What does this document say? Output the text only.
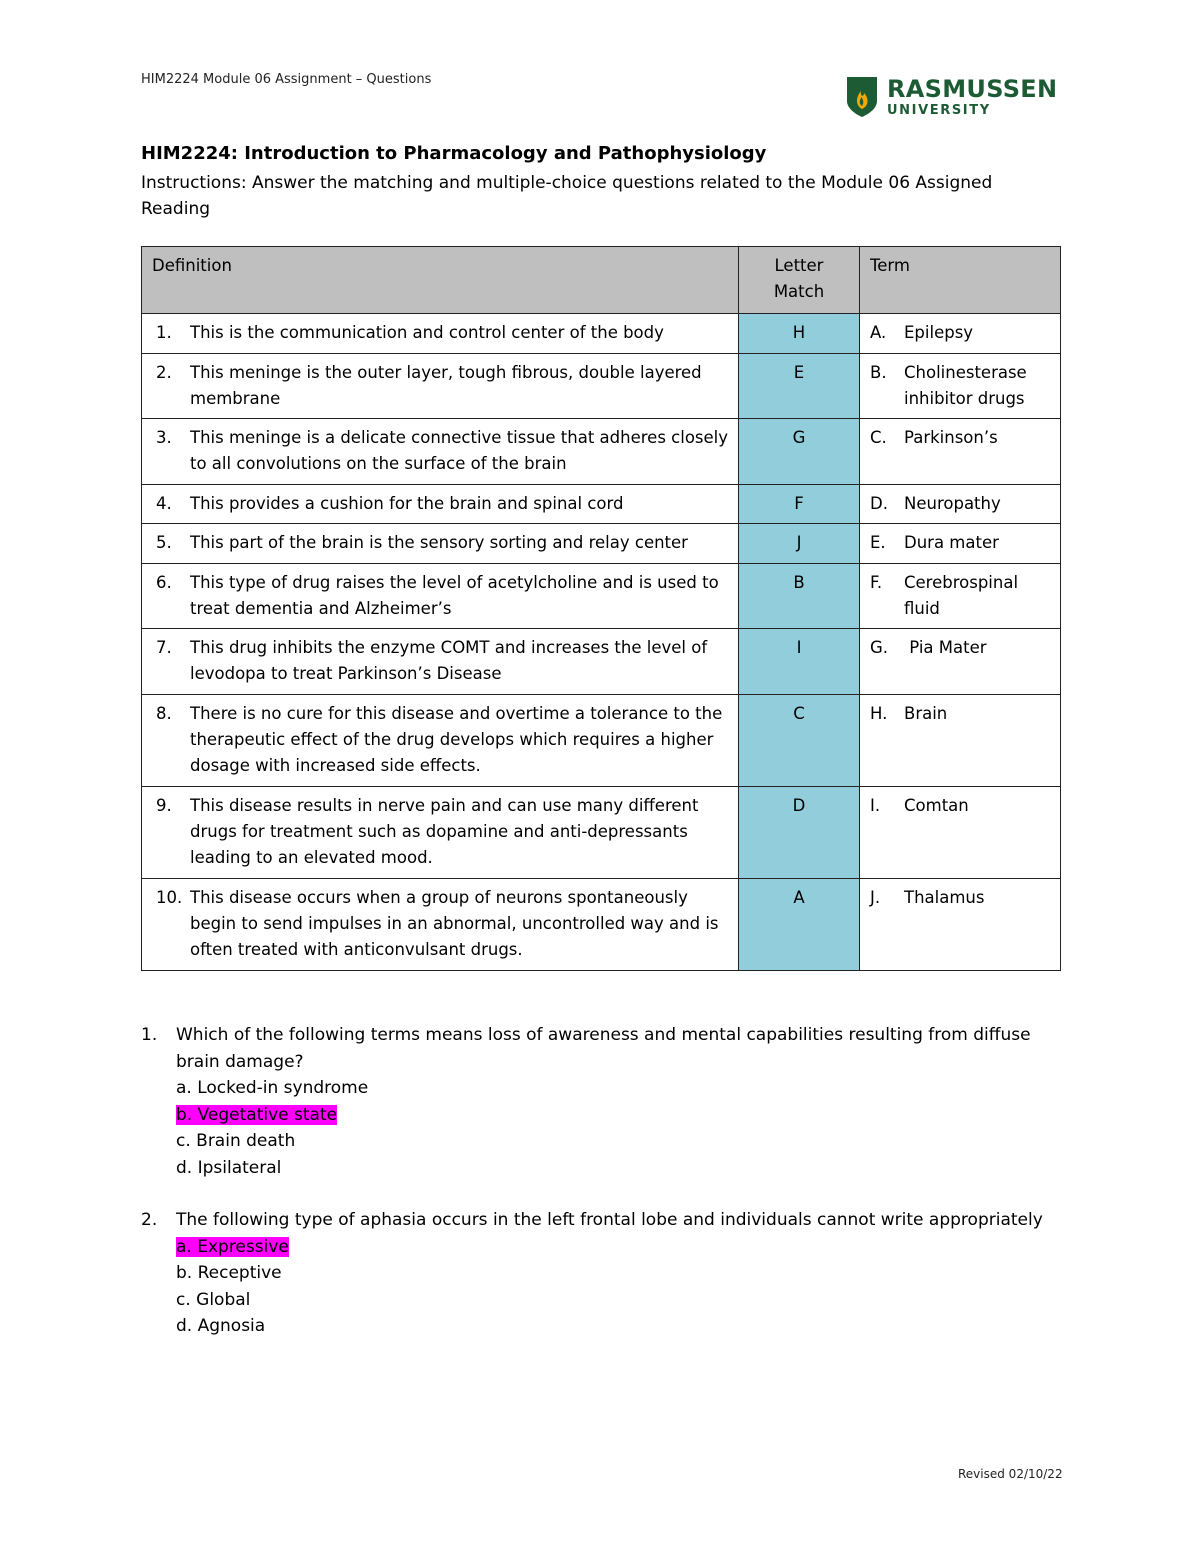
HIM2224 Module 06 Assignment – Questions	RASMUSSEN
UNIVERSITY
HIM2224: Introduction to Pharmacology and Pathophysiology
Instructions: Answer the matching and multiple-choice questions related to the Module 06 Assigned Reading
Definition	Letter Match	Term

1. This is the communication and control center of the body	H	A. Epilepsy

2. This meninge is the outer layer, tough fibrous, double layered membrane	E	B. Cholinesterase inhibitor drugs

3. This meninge is a delicate connective tissue that adheres closely to all convolutions on the surface of the brain	G	C. Parkinson’s

4. This provides a cushion for the brain and spinal cord	F	D. Neuropathy

5. This part of the brain is the sensory sorting and relay center	J	E. Dura mater

6. This type of drug raises the level of acetylcholine and is used to treat dementia and Alzheimer’s	B	F. Cerebrospinal fluid

7. This drug inhibits the enzyme COMT and increases the level of levodopa to treat Parkinson’s Disease	I	G. Pia Mater

8. There is no cure for this disease and overtime a tolerance to the therapeutic effect of the drug develops which requires a higher dosage with increased side effects.	C	H. Brain

9. This disease results in nerve pain and can use many different drugs for treatment such as dopamine and anti-depressants leading to an elevated mood.	D	I. Comtan

10. This disease occurs when a group of neurons spontaneously begin to send impulses in an abnormal, uncontrolled way and is often treated with anticonvulsant drugs.	A	J. Thalamus
1.	Which of the following terms means loss of awareness and mental capabilities resulting from diffuse brain damage?
a. Locked-in syndrome
b. Vegetative state
c. Brain death
d. Ipsilateral
2.	The following type of aphasia occurs in the left frontal lobe and individuals cannot write appropriately
a. Expressive
b. Receptive
c. Global
d. Agnosia
Revised 02/10/22
